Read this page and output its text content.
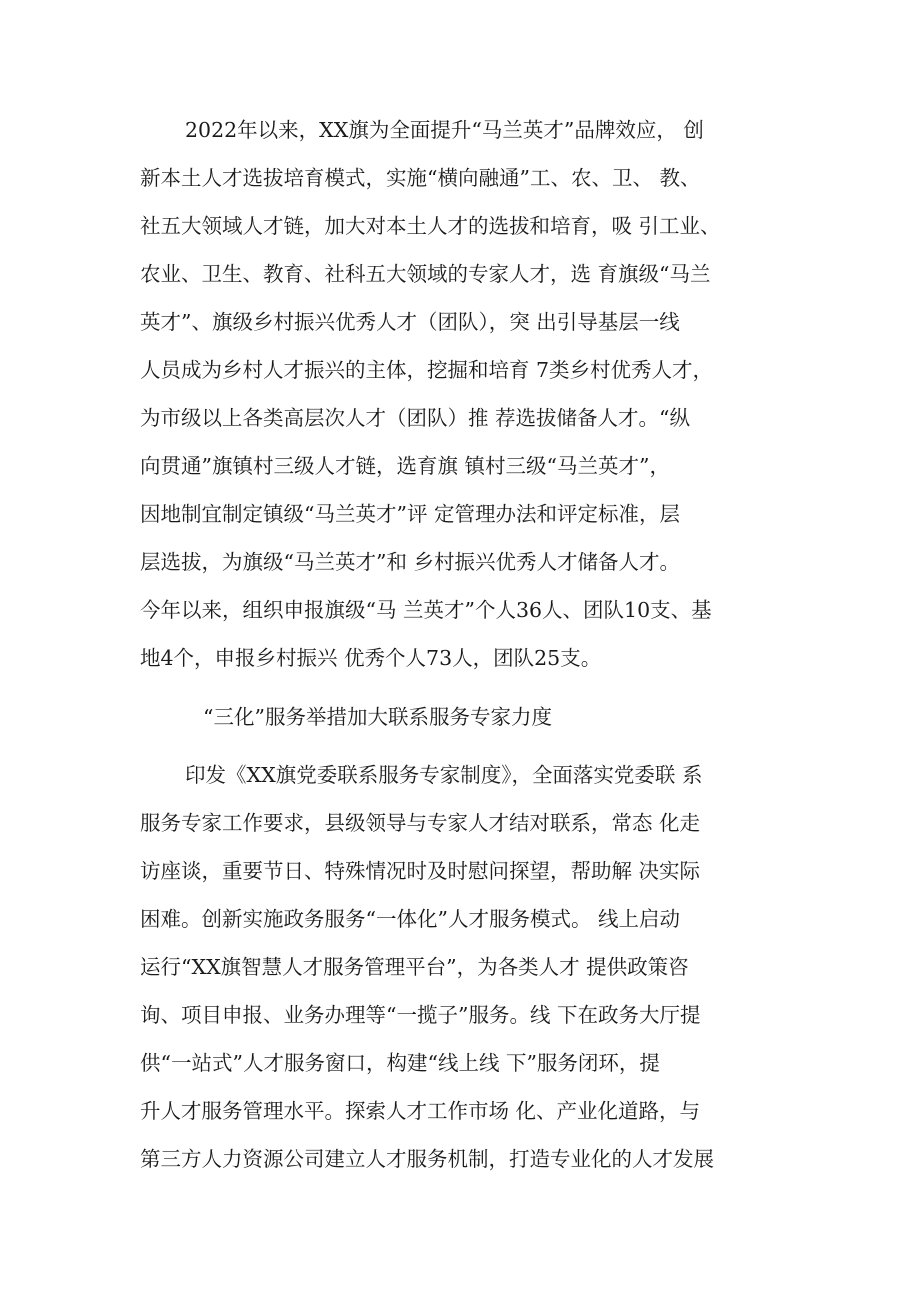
2022年以来，XX旗为全面提升“马兰英才”品牌效应， 创
新本土人才选拔培育模式，实施“横向融通”工、农、卫、 教、
社五大领域人才链，加大对本土人才的选拔和培育，吸 引工业、
农业、卫生、教育、社科五大领域的专家人才，选 育旗级“马兰
英才”、旗级乡村振兴优秀人才（团队），突 出引导基层一线
人员成为乡村人才振兴的主体，挖掘和培育 7类乡村优秀人才，
为市级以上各类高层次人才（团队）推 荐选拔储备人才。“纵
向贯通”旗镇村三级人才链，选育旗 镇村三级“马兰英才”，
因地制宜制定镇级“马兰英才”评 定管理办法和评定标准，层
层选拔，为旗级“马兰英才”和 乡村振兴优秀人才储备人才。
今年以来，组织申报旗级“马 兰英才”个人36人、团队10支、基
地4个，申报乡村振兴 优秀个人73人，团队25支。
“三化”服务举措加大联系服务专家力度
印发《XX旗党委联系服务专家制度》，全面落实党委联 系
服务专家工作要求，县级领导与专家人才结对联系，常态 化走
访座谈，重要节日、特殊情况时及时慰问探望，帮助解 决实际
困难。创新实施政务服务“一体化”人才服务模式。 线上启动
运行“XX旗智慧人才服务管理平台”，为各类人才 提供政策咨
询、项目申报、业务办理等“一揽子”服务。线 下在政务大厅提
供“一站式”人才服务窗口，构建“线上线 下”服务闭环，提
升人才服务管理水平。探索人才工作市场 化、产业化道路，与
第三方人力资源公司建立人才服务机制，打造专业化的人才发展
